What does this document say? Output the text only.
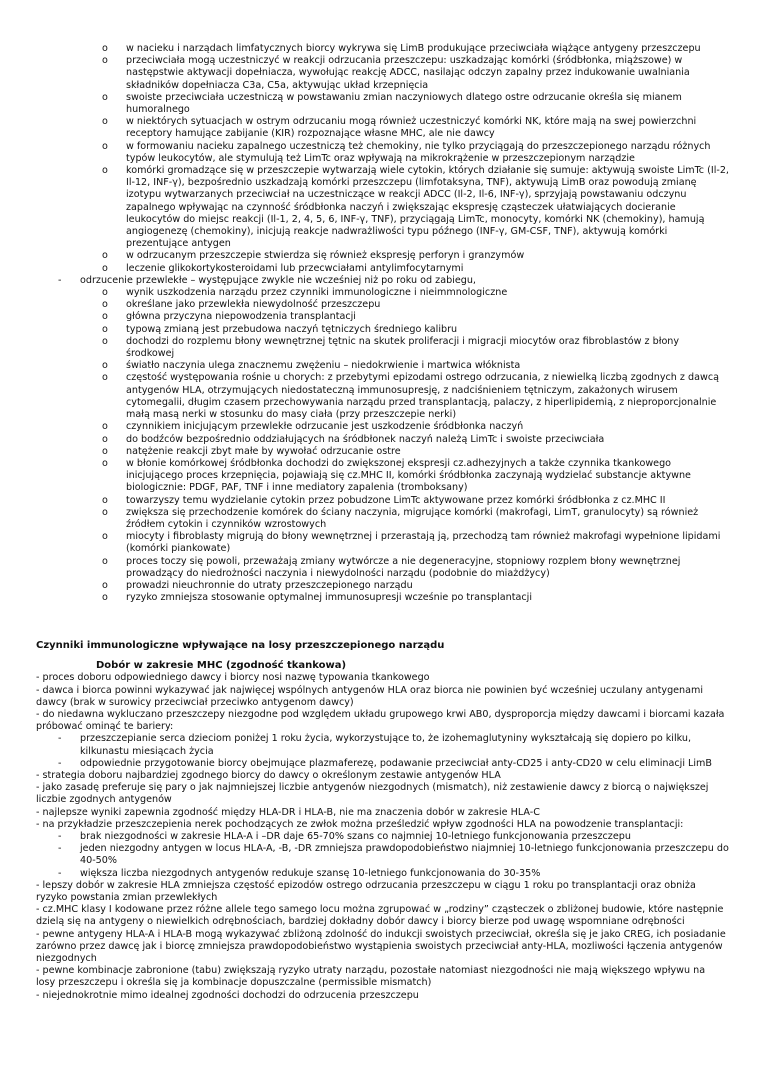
o w nacieku i narządach limfatycznych biorcy wykrywa się LimB produkujące przeciwciała wiążące antygeny przeszczepu
o przeciwciała mogą uczestniczyć w reakcji odrzucania przeszczepu: uszkadzając komórki (śródbłonka, miąższowe) w następstwie aktywacji dopełniacza, wywołując reakcję ADCC, nasilając odczyn zapalny przez indukowanie uwalniania składników dopełniacza C3a, C5a, aktywując układ krzepnięcia
o swoiste przeciwciała uczestniczą w powstawaniu zmian naczyniowych dlatego ostre odrzucanie określa się mianem humoralnego
o w niektórych sytuacjach w ostrym odrzucaniu mogą również uczestniczyć komórki NK, które mają na swej powierzchni receptory hamujące zabijanie (KIR) rozpoznające własne MHC, ale nie dawcy
o w formowaniu nacieku zapalnego uczestniczą też chemokiny, nie tylko przyciągają do przeszczepionego narządu różnych typów leukocytów, ale stymulują też LimTc oraz wpływają na mikrokrążenie w przeszczepionym narządzie
o komórki gromadzące się w przeszczepie wytwarzają wiele cytokin, których działanie się sumuje: aktywują swoiste LimTc (Il-2, Il-12, INF-γ), bezpośrednio uszkadzają komórki przeszczepu (limfotaksyna, TNF), aktywują LimB oraz powodują zmianę izotypu wytwarzanych przeciwciał na uczestniczące w reakcji ADCC (Il-2, Il-6, INF-γ), sprzyjają powstawaniu odczynu zapalnego wpływając na czynność śródbłonka naczyń i zwiększając ekspresję cząsteczek ułatwiających docieranie leukocytów do miejsc reakcji (Il-1, 2, 4, 5, 6, INF-γ, TNF), przyciągają LimTc, monocyty, komórki NK (chemokiny), hamują angiogenezę (chemokiny), inicjują reakcje nadwrażliwości typu późnego (INF-γ, GM-CSF, TNF), aktywują komórki prezentujące antygen
o w odrzucanym przeszczepie stwierdza się również ekspresję perforyn i granzymów
o leczenie glikokortykosteroidami lub przecwciałami antylimfocytarnymi
- odrzucenie przewlekłe – występujące zwykle nie wcześniej niż po roku od zabiegu,
o wynik uszkodzenia narządu przez czynniki immunologiczne i nieimmnologiczne
o określane jako przewlekła niewydolność przeszczepu
o główna przyczyna niepowodzenia transplantacji
o typową zmianą jest przebudowa naczyń tętniczych średniego kalibru
o dochodzi do rozplemu błony wewnętrznej tętnic na skutek proliferacji i migracji miocytów oraz fibroblastów z błony środkowej
o światło naczynia ulega znacznemu zwężeniu – niedokrwienie i martwica włóknista
o częstość występowania rośnie u chorych: z przebytymi epizodami ostrego odrzucania, z niewielką liczbą zgodnych z dawcą antygenów HLA, otrzymujących niedostateczną immunosupresję, z nadciśnieniem tętniczym, zakażonych wirusem cytomegalii, długim czasem przechowywania narządu przed transplantacją, palaczy, z hiperlipidemią, z nieproporcjonalnie małą masą nerki w stosunku do masy ciała (przy przeszczepie nerki)
o czynnikiem inicjującym przewlekłe odrzucanie jest uszkodzenie śródbłonka naczyń
o do bodźców bezpośrednio oddziałujących na śródbłonek naczyń należą LimTc i swoiste przeciwciała
o natężenie reakcji zbyt małe by wywołać odrzucanie ostre
o w błonie komórkowej śródbłonka dochodzi do zwiększonej ekspresji cz.adhezyjnych a także czynnika tkankowego inicjującego proces krzepnięcia, pojawiają się cz.MHC II, komórki śródbłonka zaczynają wydzielać substancje aktywne biologicznie: PDGF, PAF, TNF i inne mediatory zapalenia (tromboksany)
o towarzyszy temu wydzielanie cytokin przez pobudzone LimTc aktywowane przez komórki śródbłonka z cz.MHC II
o zwiększa się przechodzenie komórek do ściany naczynia, migrujące komórki (makrofagi, LimT, granulocyty) są również źródłem cytokin i czynników wzrostowych
o miocyty i fibroblasty migrują do błony wewnętrznej i przerastają ją, przechodzą tam również makrofagi wypełnione lipidami (komórki piankowate)
o proces toczy się powoli, przeważają zmiany wytwórcze a nie degeneracyjne, stopniowy rozplem błony wewnętrznej prowadzący do niedrożności naczynia i niewydolności narządu (podobnie do miażdżycy)
o prowadzi nieuchronnie do utraty przeszczepionego narządu
o ryzyko zmniejsza stosowanie optymalnej immunosupresji wcześnie po transplantacji
Czynniki immunologiczne wpływające na losy przeszczepionego narządu
Dobór w zakresie MHC (zgodność tkankowa)
- proces doboru odpowiedniego dawcy i biorcy nosi nazwę typowania tkankowego
- dawca i biorca powinni wykazywać jak najwięcej wspólnych antygenów HLA oraz biorca nie powinien być wcześniej uczulany antygenami dawcy (brak w surowicy przeciwciał przeciwko antygenom dawcy)
- do niedawna wykluczano przeszczepy niezgodne pod względem układu grupowego krwi AB0, dysproporcja między dawcami i biorcami kazała próbować ominąć te bariery:
- przeszczepianie serca dzieciom poniżej 1 roku życia, wykorzystujące to, że izohemaglutyniny wykształcają się dopiero po kilku, kilkunastu miesiącach życia
- odpowiednie przygotowanie biorcy obejmujące plazmaferezę, podawanie przeciwciał anty-CD25 i anty-CD20 w celu eliminacji LimB
- strategia doboru najbardziej zgodnego biorcy do dawcy o określonym zestawie antygenów HLA
- jako zasadę preferuje się pary o jak najmniejszej liczbie antygenów niezgodnych (mismatch), niż zestawienie dawcy z biorcą o największej liczbie zgodnych antygenów
- najlepsze wyniki zapewnia zgodność między HLA-DR i HLA-B, nie ma znaczenia dobór w zakresie HLA-C
- na przykładzie przeszczepienia nerek pochodzących ze zwłok można prześledzić wpływ zgodności HLA na powodzenie transplantacji:
- brak niezgodności w zakresie HLA-A i –DR daje 65-70% szans co najmniej 10-letniego funkcjonowania przeszczepu
- jeden niezgodny antygen w locus HLA-A, -B, -DR zmniejsza prawdopodobieństwo niajmniej 10-letniego funkcjonowania przeszczepu do 40-50%
- większa liczba niezgodnych antygenów redukuje szansę 10-letniego funkcjonowania do 30-35%
- lepszy dobór w zakresie HLA zmniejsza częstość epizodów ostrego odrzucania przeszczepu w ciągu 1 roku po transplantacji oraz obniża ryzyko powstania zmian przewlekłych
- cz.MHC klasy I kodowane przez różne allele tego samego locu można zgrupować w „rodziny” cząsteczek o zbliżonej budowie, które następnie dzielą się na antygeny o niewielkich odrębnościach, bardziej dokładny dobór dawcy i biorcy bierze pod uwagę wspomniane odrębności
- pewne antygeny HLA-A i HLA-B mogą wykazywać zbliżoną zdolność do indukcji swoistych przeciwciał, określa się je jako CREG, ich posiadanie zarówno przez dawcę jak i biorcę zmniejsza prawdopodobieństwo wystąpienia swoistych przeciwciał anty-HLA, mozliwości łączenia antygenów niezgodnych
- pewne kombinacje zabronione (tabu) zwiększają ryzyko utraty narządu, pozostałe natomiast niezgodności nie mają większego wpływu na losy przeszczepu i określa się ja kombinacje dopuszczalne (permissible mismatch)
- niejednokrotnie mimo idealnej zgodności dochodzi do odrzucenia przeszczepu
